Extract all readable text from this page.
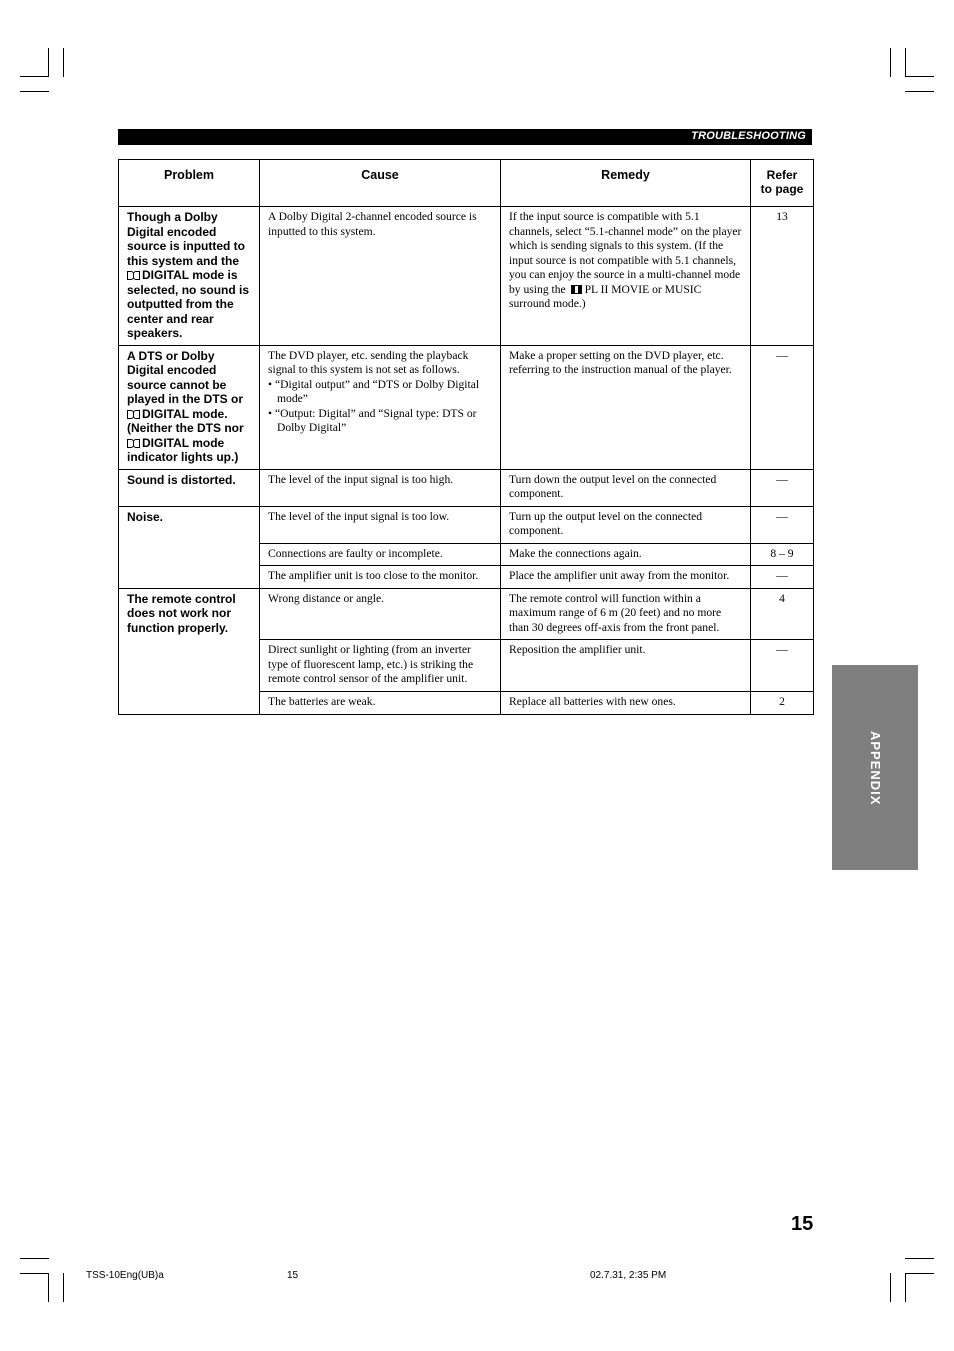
TROUBLESHOOTING
Problem	Cause	Remedy	Refer
to page
Though a Dolby Digital encoded source is inputted to this system and the DIGITAL mode is selected, no sound is outputted from the center and rear speakers.	A Dolby Digital 2-channel encoded source is inputted to this system.	If the input source is compatible with 5.1 channels, select “5.1-channel mode” on the player which is sending signals to this system. (If the input source is not compatible with 5.1 channels, you can enjoy the source in a multi-channel mode by using the PL II MOVIE or MUSIC surround mode.)	13
A DTS or Dolby Digital encoded source cannot be played in the DTS or DIGITAL mode. (Neither the DTS nor DIGITAL mode indicator lights up.)	The DVD player, etc. sending the playback signal to this system is not set as follows.
• “Digital output” and “DTS or Dolby Digital mode”
• “Output: Digital” and “Signal type: DTS or Dolby Digital”	Make a proper setting on the DVD player, etc. referring to the instruction manual of the player.	—
Sound is distorted.	The level of the input signal is too high.	Turn down the output level on the connected component.	—
Noise.	The level of the input signal is too low.	Turn up the output level on the connected component.	—
	Connections are faulty or incomplete.	Make the connections again.	8 – 9
	The amplifier unit is too close to the monitor.	Place the amplifier unit away from the monitor.	—
The remote control does not work nor function properly.	Wrong distance or angle.	The remote control will function within a maximum range of 6 m (20 feet) and no more than 30 degrees off-axis from the front panel.	4
	Direct sunlight or lighting (from an inverter type of fluorescent lamp, etc.) is striking the remote control sensor of the amplifier unit.	Reposition the amplifier unit.	—
	The batteries are weak.	Replace all batteries with new ones.	2
APPENDIX
15
TSS-10Eng(UB)a	15	02.7.31, 2:35 PM
